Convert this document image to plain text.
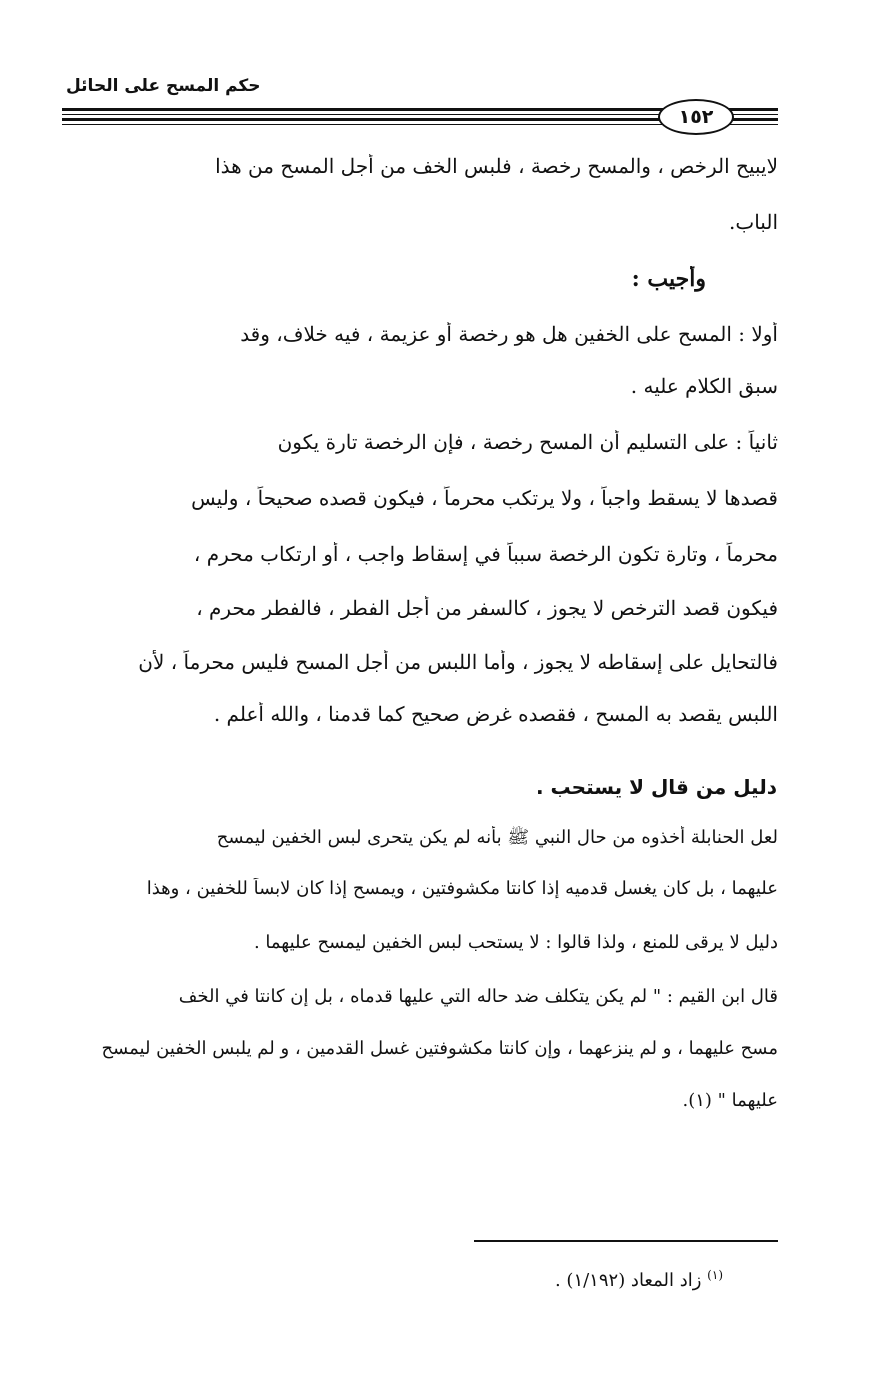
حكم المسح على الحائل
١٥٢
لايبيح الرخص ، والمسح رخصة ، فلبس الخف من أجل المسح من هذا
الباب.
وأجيب :
أولا : المسح على الخفين هل هو رخصة أو عزيمة ، فيه خلاف، وقد
سبق الكلام عليه .
ثانياً : على التسليم أن المسح رخصة ، فإن الرخصة تارة يكون
قصدها لا يسقط واجباً ، ولا يرتكب محرماً ، فيكون قصده صحيحاً ، وليس
محرماً ، وتارة تكون الرخصة سبباً في إسقاط واجب ، أو ارتكاب محرم ،
فيكون قصد الترخص لا يجوز ، كالسفر من أجل الفطر ، فالفطر محرم ،
فالتحايل على إسقاطه لا يجوز ، وأما اللبس من أجل المسح فليس محرماً ، لأن
اللبس يقصد به المسح ، فقصده غرض صحيح كما قدمنا ، والله أعلم .
دليل من قال لا يستحب .
لعل الحنابلة أخذوه من حال النبي ﷺ بأنه لم يكن يتحرى لبس الخفين ليمسح
عليهما ، بل كان يغسل قدميه إذا كانتا مكشوفتين ، ويمسح إذا كان لابساً للخفين ، وهذا
دليل لا يرقى للمنع ، ولذا قالوا : لا يستحب لبس الخفين ليمسح عليهما .
قال ابن القيم : " لم يكن يتكلف ضد حاله التي عليها قدماه ، بل إن كانتا في الخف
مسح عليهما ، و لم ينزعهما ، وإن كانتا مكشوفتين غسل القدمين ، و لم يلبس الخفين ليمسح
عليهما " (١).
$^{(١)}$ زاد المعاد (١/١٩٢) .
